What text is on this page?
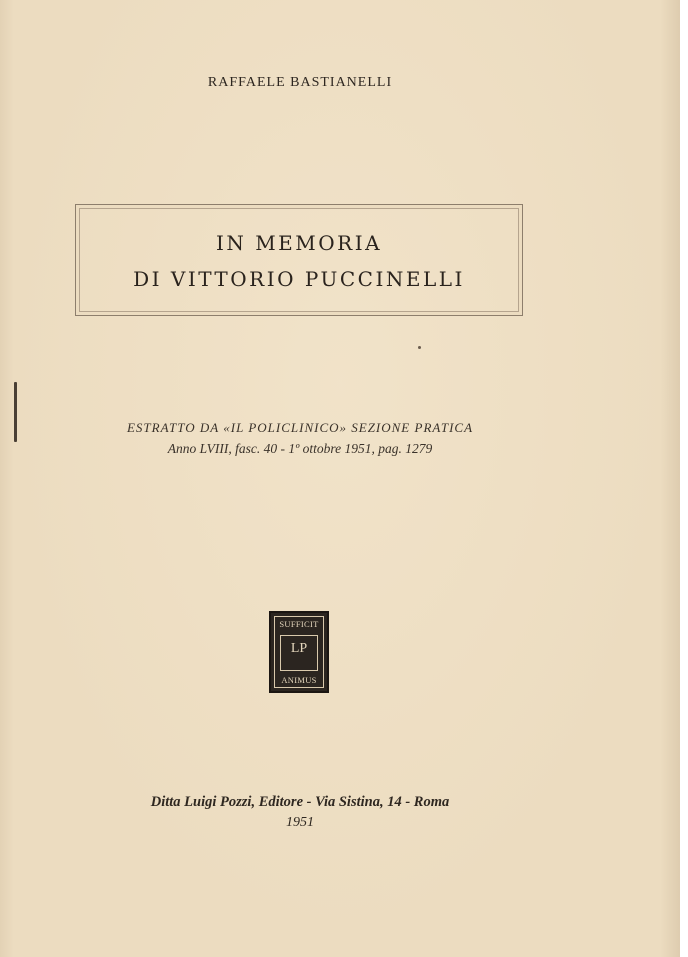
RAFFAELE BASTIANELLI
IN MEMORIA
DI VITTORIO PUCCINELLI
ESTRATTO DA «IL POLICLINICO» SEZIONE PRATICA
Anno LVIII, fasc. 40 - 1º ottobre 1951, pag. 1279
SUFFICIT
LP
ANIMUS
Ditta Luigi Pozzi, Editore - Via Sistina, 14 - Roma
1951
